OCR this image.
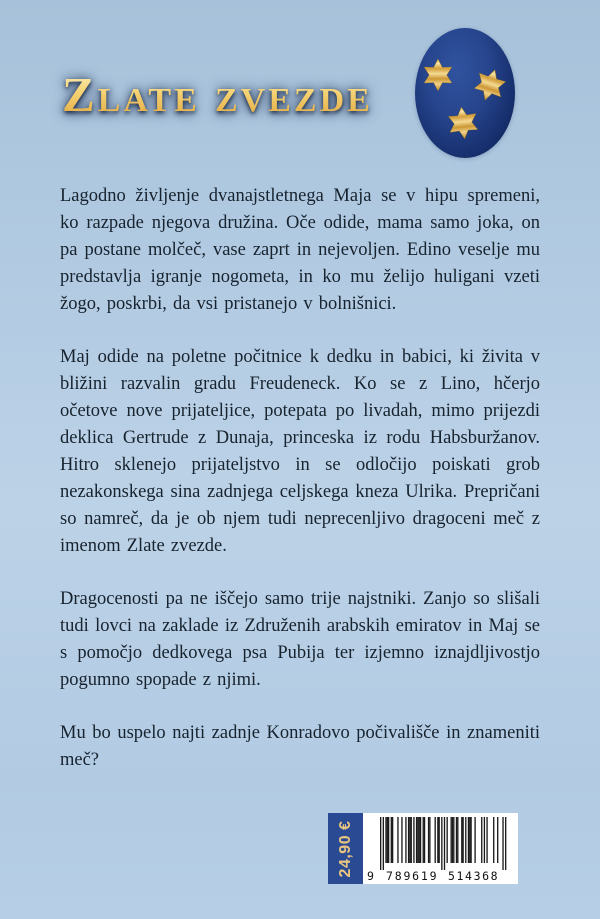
Zlate zvezde

Lagodno življenje dvanajstletnega Maja se v hipu spremeni, ko razpade njegova družina. Oče odide, mama samo joka, on pa postane molčeč, vase zaprt in nejevoljen. Edino veselje mu predstavlja igranje nogometa, in ko mu želijo huligani vzeti žogo, poskrbi, da vsi pristanejo v bolnišnici.

Maj odide na poletne počitnice k dedku in babici, ki živita v bližini razvalin gradu Freudeneck. Ko se z Lino, hčerjo očetove nove prijateljice, potepata po livadah, mimo prijezdi deklica Gertrude z Dunaja, princeska iz rodu Habsburžanov. Hitro sklenejo prijateljstvo in se odločijo poiskati grob nezakonskega sina zadnjega celjskega kneza Ulrika. Prepričani so namreč, da je ob njem tudi neprecenljivo dragoceni meč z imenom Zlate zvezde.

Dragocenosti pa ne iščejo samo trije najstniki. Zanjo so slišali tudi lovci na zaklade iz Združenih arabskih emiratov in Maj se s pomočjo dedkovega psa Pubija ter izjemno iznajdljivostjo pogumno spopade z njimi.

Mu bo uspelo najti zadnje Konradovo počivališče in znameniti meč?

24,90 € 9 789619 514368
